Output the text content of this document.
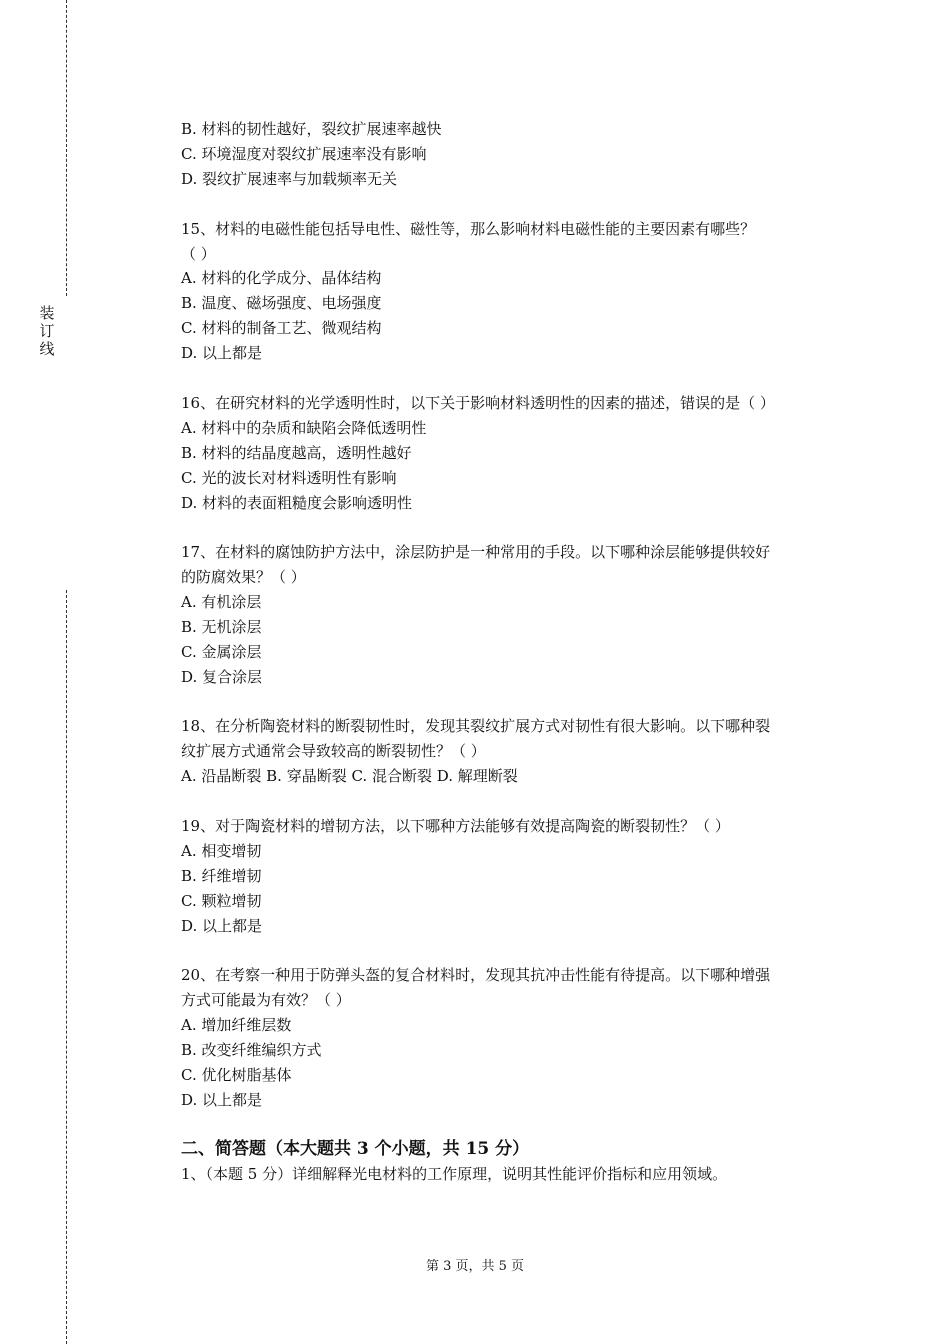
装
订
线
B. 材料的韧性越好，裂纹扩展速率越快
C. 环境湿度对裂纹扩展速率没有影响
D. 裂纹扩展速率与加载频率无关
15、材料的电磁性能包括导电性、磁性等，那么影响材料电磁性能的主要因素有哪些？
（ ）
A. 材料的化学成分、晶体结构
B. 温度、磁场强度、电场强度
C. 材料的制备工艺、微观结构
D. 以上都是
16、在研究材料的光学透明性时，以下关于影响材料透明性的因素的描述，错误的是（ ）
A. 材料中的杂质和缺陷会降低透明性
B. 材料的结晶度越高，透明性越好
C. 光的波长对材料透明性有影响
D. 材料的表面粗糙度会影响透明性
17、在材料的腐蚀防护方法中，涂层防护是一种常用的手段。以下哪种涂层能够提供较好
的防腐效果？（ ）
A. 有机涂层
B. 无机涂层
C. 金属涂层
D. 复合涂层
18、在分析陶瓷材料的断裂韧性时，发现其裂纹扩展方式对韧性有很大影响。以下哪种裂
纹扩展方式通常会导致较高的断裂韧性？（ ）
A. 沿晶断裂 B. 穿晶断裂 C. 混合断裂 D. 解理断裂
19、对于陶瓷材料的增韧方法，以下哪种方法能够有效提高陶瓷的断裂韧性？（ ）
A. 相变增韧
B. 纤维增韧
C. 颗粒增韧
D. 以上都是
20、在考察一种用于防弹头盔的复合材料时，发现其抗冲击性能有待提高。以下哪种增强
方式可能最为有效？（ ）
A. 增加纤维层数
B. 改变纤维编织方式
C. 优化树脂基体
D. 以上都是
二、简答题（本大题共 3 个小题，共 15 分）
1、（本题 5 分）详细解释光电材料的工作原理，说明其性能评价指标和应用领域。
第 3 页，共 5 页
